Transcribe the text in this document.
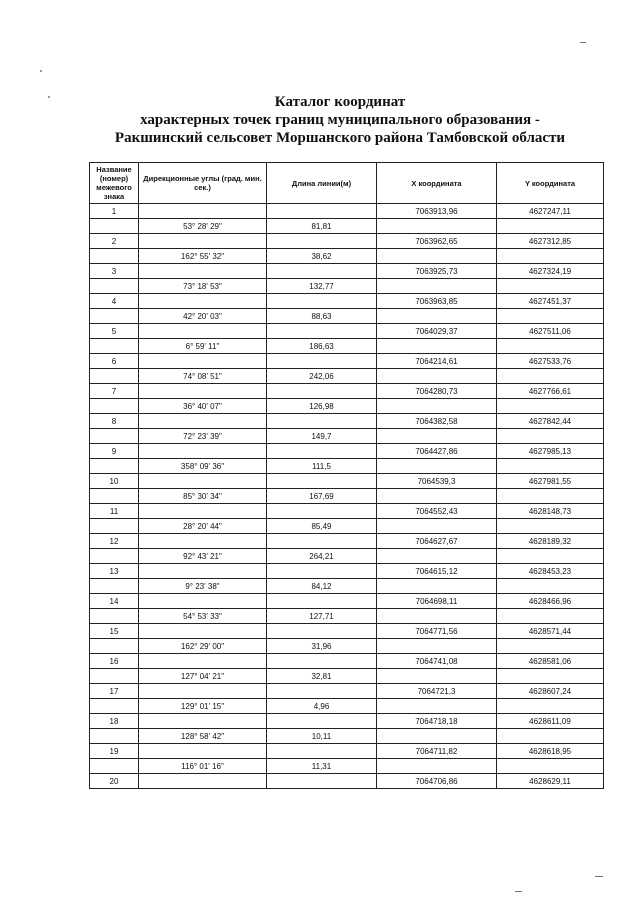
Каталог координат
характерных точек границ муниципального образования -
Ракшинский сельсовет Моршанского района Тамбовской области
Название (номер) межевого знака	Дирекционные углы (град. мин. сек.)	Длина линии(м)	X координата	Y координата
1			7063913,96	4627247,11
	53° 28' 29"	81,81		
2			7063962,65	4627312,85
	162° 55' 32"	38,62		
3			7063925,73	4627324,19
	73° 18' 53"	132,77		
4			7063963,85	4627451,37
	42° 20' 03"	88,63		
5			7064029,37	4627511,06
	6° 59' 11"	186,63		
6			7064214,61	4627533,76
	74° 08' 51"	242,06		
7			7064280,73	4627766,61
	36° 40' 07"	126,98		
8			7064382,58	4627842,44
	72° 23' 39"	149,7		
9			7064427,86	4627985,13
	358° 09' 36"	111,5		
10			7064539,3	4627981,55
	85° 30' 34"	167,69		
11			7064552,43	4628148,73
	28° 20' 44"	85,49		
12			7064627,67	4628189,32
	92° 43' 21"	264,21		
13			7064615,12	4628453,23
	9° 23' 38"	84,12		
14			7064698,11	4628466,96
	54° 53' 33"	127,71		
15			7064771,56	4628571,44
	162° 29' 00"	31,96		
16			7064741,08	4628581,06
	127° 04' 21"	32,81		
17			7064721,3	4628607,24
	129° 01' 15"	4,96		
18			7064718,18	4628611,09
	128° 58' 42"	10,11		
19			7064711,82	4628618,95
	116° 01' 16"	11,31		
20			7064706,86	4628629,11
